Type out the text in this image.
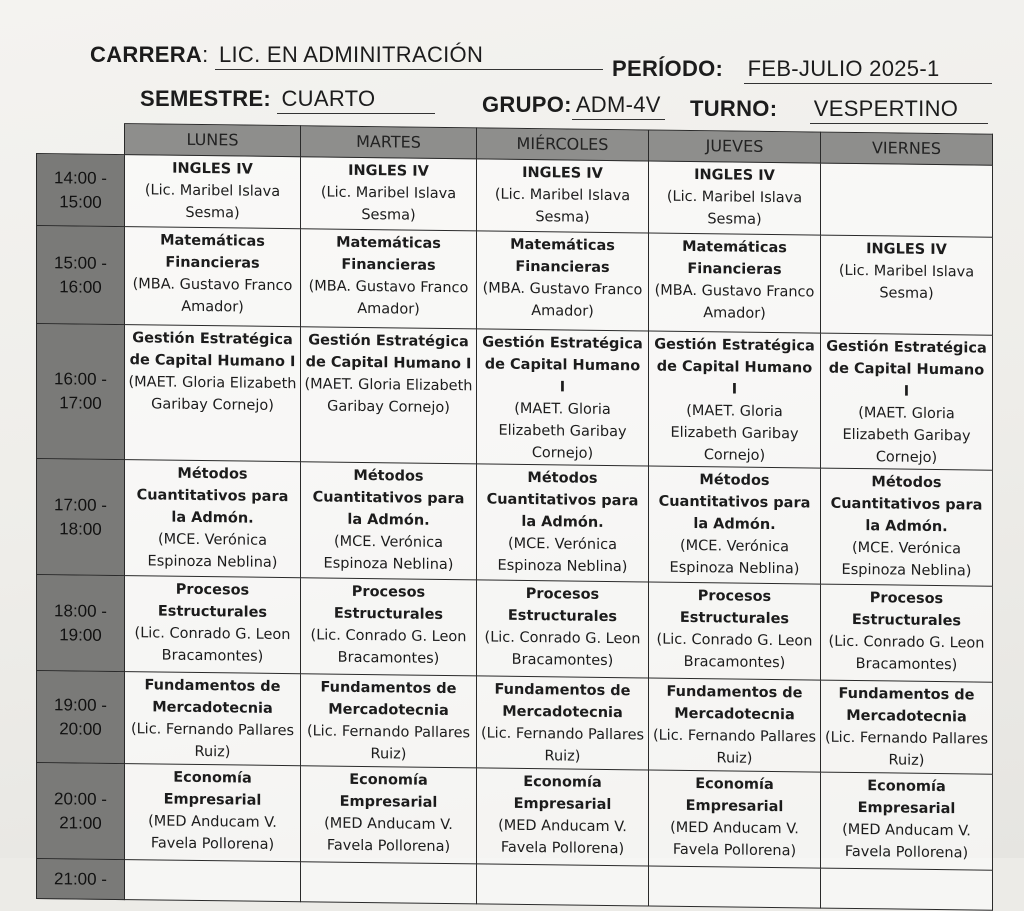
CARRERA: LIC. EN ADMINITRACIÓN
PERÍODO: FEB-JULIO 2025-1
SEMESTRE: CUARTO	GRUPO: ADM-4V TURNO: VESPERTINO
	LUNES	MARTES	MIÉRCOLES	JUEVES	VIERNES

14:00 -
15:00	INGLES IV
(Lic. Maribel Islava Sesma)	INGLES IV
(Lic. Maribel Islava Sesma)	INGLES IV
(Lic. Maribel Islava Sesma)	INGLES IV
(Lic. Maribel Islava Sesma)	

15:00 -
16:00	Matemáticas Financieras
(MBA. Gustavo Franco Amador)	Matemáticas Financieras
(MBA. Gustavo Franco Amador)	Matemáticas Financieras
(MBA. Gustavo Franco Amador)	Matemáticas Financieras
(MBA. Gustavo Franco Amador)	INGLES IV
(Lic. Maribel Islava Sesma)

16:00 -
17:00	Gestión Estratégica de Capital Humano I
(MAET. Gloria Elizabeth Garibay Cornejo)	Gestión Estratégica de Capital Humano I
(MAET. Gloria Elizabeth Garibay Cornejo)	Gestión Estratégica de Capital Humano I
(MAET. Gloria Elizabeth Garibay Cornejo)	Gestión Estratégica de Capital Humano I
(MAET. Gloria Elizabeth Garibay Cornejo)	Gestión Estratégica de Capital Humano I
(MAET. Gloria Elizabeth Garibay Cornejo)

17:00 -
18:00	Métodos Cuantitativos para la Admón.
(MCE. Verónica Espinoza Neblina)	Métodos Cuantitativos para la Admón.
(MCE. Verónica Espinoza Neblina)	Métodos Cuantitativos para la Admón.
(MCE. Verónica Espinoza Neblina)	Métodos Cuantitativos para la Admón.
(MCE. Verónica Espinoza Neblina)	Métodos Cuantitativos para la Admón.
(MCE. Verónica Espinoza Neblina)

18:00 -
19:00	Procesos Estructurales
(Lic. Conrado G. Leon Bracamontes)	Procesos Estructurales
(Lic. Conrado G. Leon Bracamontes)	Procesos Estructurales
(Lic. Conrado G. Leon Bracamontes)	Procesos Estructurales
(Lic. Conrado G. Leon Bracamontes)	Procesos Estructurales
(Lic. Conrado G. Leon Bracamontes)

19:00 -
20:00	Fundamentos de Mercadotecnia
(Lic. Fernando Pallares Ruiz)	Fundamentos de Mercadotecnia
(Lic. Fernando Pallares Ruiz)	Fundamentos de Mercadotecnia
(Lic. Fernando Pallares Ruiz)	Fundamentos de Mercadotecnia
(Lic. Fernando Pallares Ruiz)	Fundamentos de Mercadotecnia
(Lic. Fernando Pallares Ruiz)

20:00 -
21:00	Economía Empresarial
(MED Anducam V. Favela Pollorena)	Economía Empresarial
(MED Anducam V. Favela Pollorena)	Economía Empresarial
(MED Anducam V. Favela Pollorena)	Economía Empresarial
(MED Anducam V. Favela Pollorena)	Economía Empresarial
(MED Anducam V. Favela Pollorena)

21:00 -					
